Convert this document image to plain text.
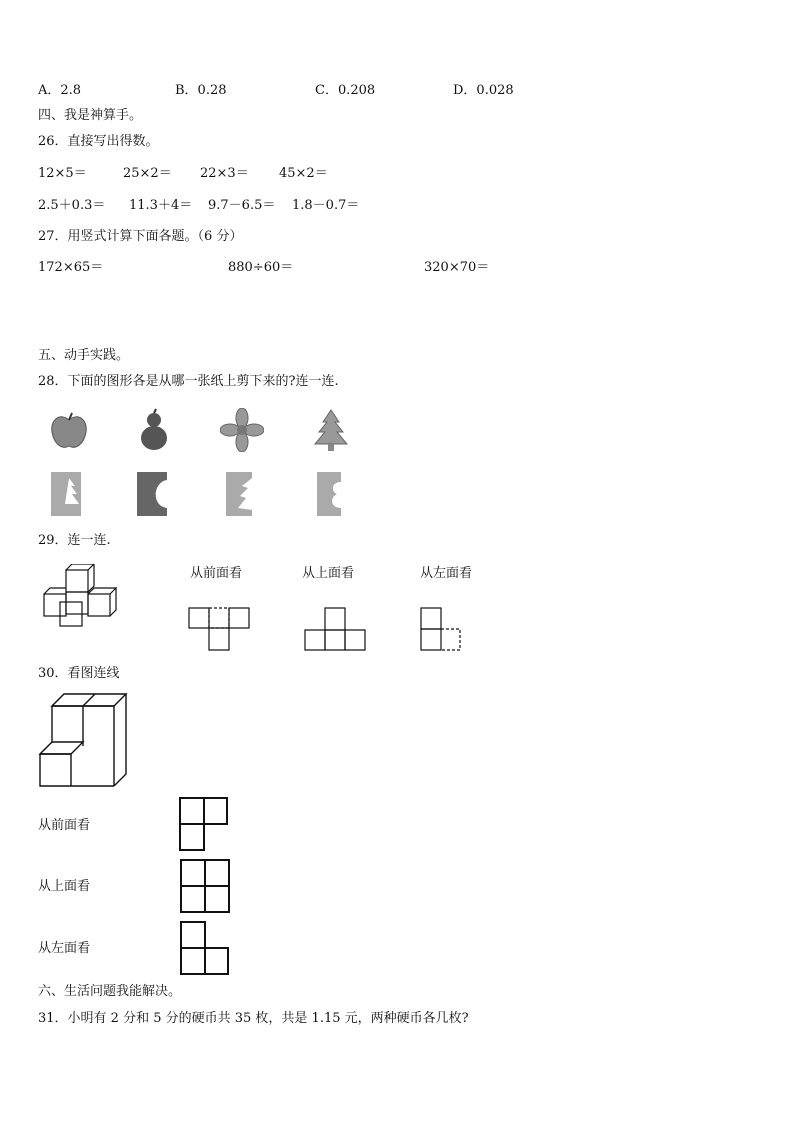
A．2.8	B．0.28	C．0.208	D．0.028
四、我是神算手。
26．直接写出得数。
12×5＝	25×2＝ 22×3＝ 45×2＝
2.5＋0.3＝ 11.3＋4＝ 9.7－6.5＝ 1.8－0.7＝
27．用竖式计算下面各题。（6 分）
172×65＝	880÷60＝	320×70＝
五、动手实践。
28．下面的图形各是从哪一张纸上剪下来的?连一连.
29．连一连.
从前面看	从上面看	从左面看
30．看图连线
从前面看
从上面看
从左面看
六、生活问题我能解决。
31．小明有 2 分和 5 分的硬币共 35 枚，共是 1.15 元，两种硬币各几枚?
